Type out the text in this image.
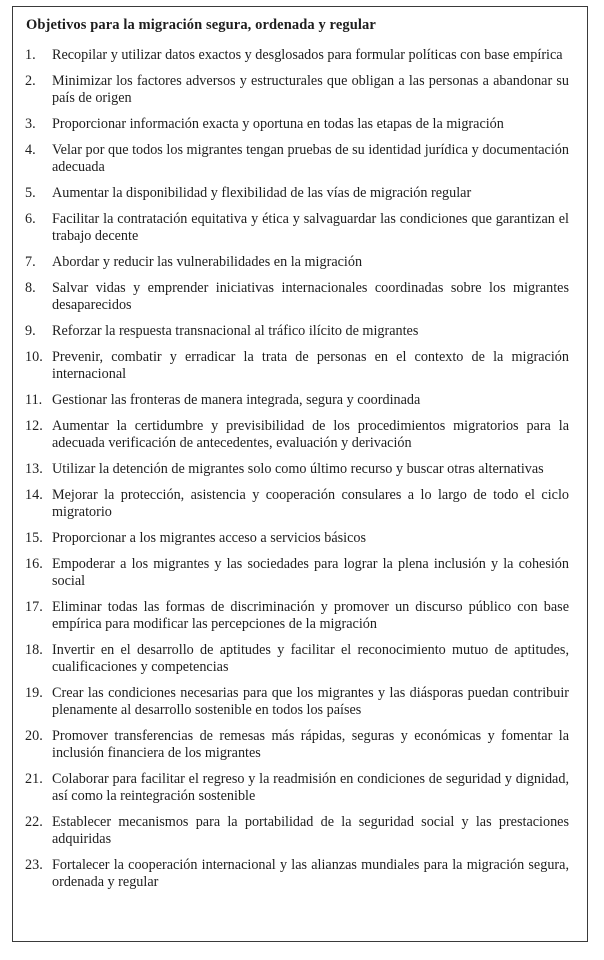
Objetivos para la migración segura, ordenada y regular
1.	Recopilar y utilizar datos exactos y desglosados para formular políticas con base empírica
2.	Minimizar los factores adversos y estructurales que obligan a las personas a abandonar su país de origen
3.	Proporcionar información exacta y oportuna en todas las etapas de la migración
4.	Velar por que todos los migrantes tengan pruebas de su identidad jurídica y documentación adecuada
5.	Aumentar la disponibilidad y flexibilidad de las vías de migración regular
6.	Facilitar la contratación equitativa y ética y salvaguardar las condiciones que garantizan el trabajo decente
7.	Abordar y reducir las vulnerabilidades en la migración
8.	Salvar vidas y emprender iniciativas internacionales coordinadas sobre los migrantes desaparecidos
9.	Reforzar la respuesta transnacional al tráfico ilícito de migrantes
10. Prevenir, combatir y erradicar la trata de personas en el contexto de la migración internacional
11. Gestionar las fronteras de manera integrada, segura y coordinada
12. Aumentar la certidumbre y previsibilidad de los procedimientos migratorios para la adecuada verificación de antecedentes, evaluación y derivación
13. Utilizar la detención de migrantes solo como último recurso y buscar otras alternativas
14. Mejorar la protección, asistencia y cooperación consulares a lo largo de todo el ciclo migratorio
15. Proporcionar a los migrantes acceso a servicios básicos
16. Empoderar a los migrantes y las sociedades para lograr la plena inclusión y la cohesión social
17. Eliminar todas las formas de discriminación y promover un discurso público con base empírica para modificar las percepciones de la migración
18. Invertir en el desarrollo de aptitudes y facilitar el reconocimiento mutuo de aptitudes, cualificaciones y competencias
19. Crear las condiciones necesarias para que los migrantes y las diásporas puedan contribuir plenamente al desarrollo sostenible en todos los países
20. Promover transferencias de remesas más rápidas, seguras y económicas y fomentar la inclusión financiera de los migrantes
21. Colaborar para facilitar el regreso y la readmisión en condiciones de seguridad y dignidad, así como la reintegración sostenible
22. Establecer mecanismos para la portabilidad de la seguridad social y las prestaciones adquiridas
23. Fortalecer la cooperación internacional y las alianzas mundiales para la migración segura, ordenada y regular
